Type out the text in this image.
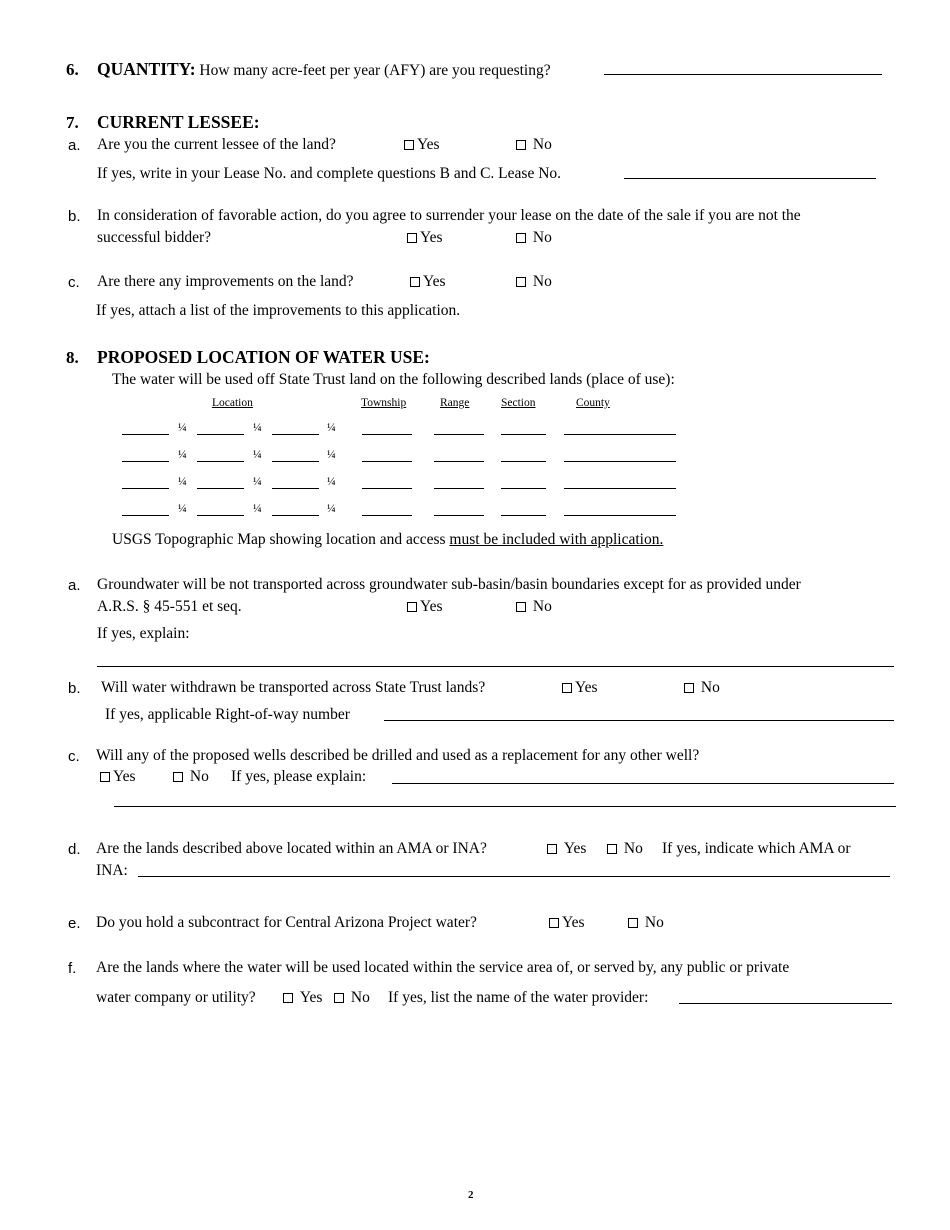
6. QUANTITY: How many acre-feet per year (AFY) are you requesting?
7. CURRENT LESSEE:
a. Are you the current lessee of the land?	Yes	No
If yes, write in your Lease No. and complete questions B and C. Lease No.
b. In consideration of favorable action, do you agree to surrender your lease on the date of the sale if you are not the
successful bidder?	Yes	No
c. Are there any improvements on the land?	Yes	No
If yes, attach a list of the improvements to this application.
8. PROPOSED LOCATION OF WATER USE:
The water will be used off State Trust land on the following described lands (place of use):
Location	Township	Range	Section	County
¼	¼	¼
¼	¼	¼
¼	¼	¼
¼	¼	¼
USGS Topographic Map showing location and access must be included with application.
a. Groundwater will be not transported across groundwater sub-basin/basin boundaries except for as provided under
A.R.S. § 45-551 et seq.	Yes	No
If yes, explain:
b. Will water withdrawn be transported across State Trust lands?	Yes	No
If yes, applicable Right-of-way number
c. Will any of the proposed wells described be drilled and used as a replacement for any other well?
Yes	No If yes, please explain:
d. Are the lands described above located within an AMA or INA?	Yes	No If yes, indicate which AMA or
INA:
e. Do you hold a subcontract for Central Arizona Project water?	Yes	No
f. Are the lands where the water will be used located within the service area of, or served by, any public or private
water company or utility?	Yes	No If yes, list the name of the water provider:
2
